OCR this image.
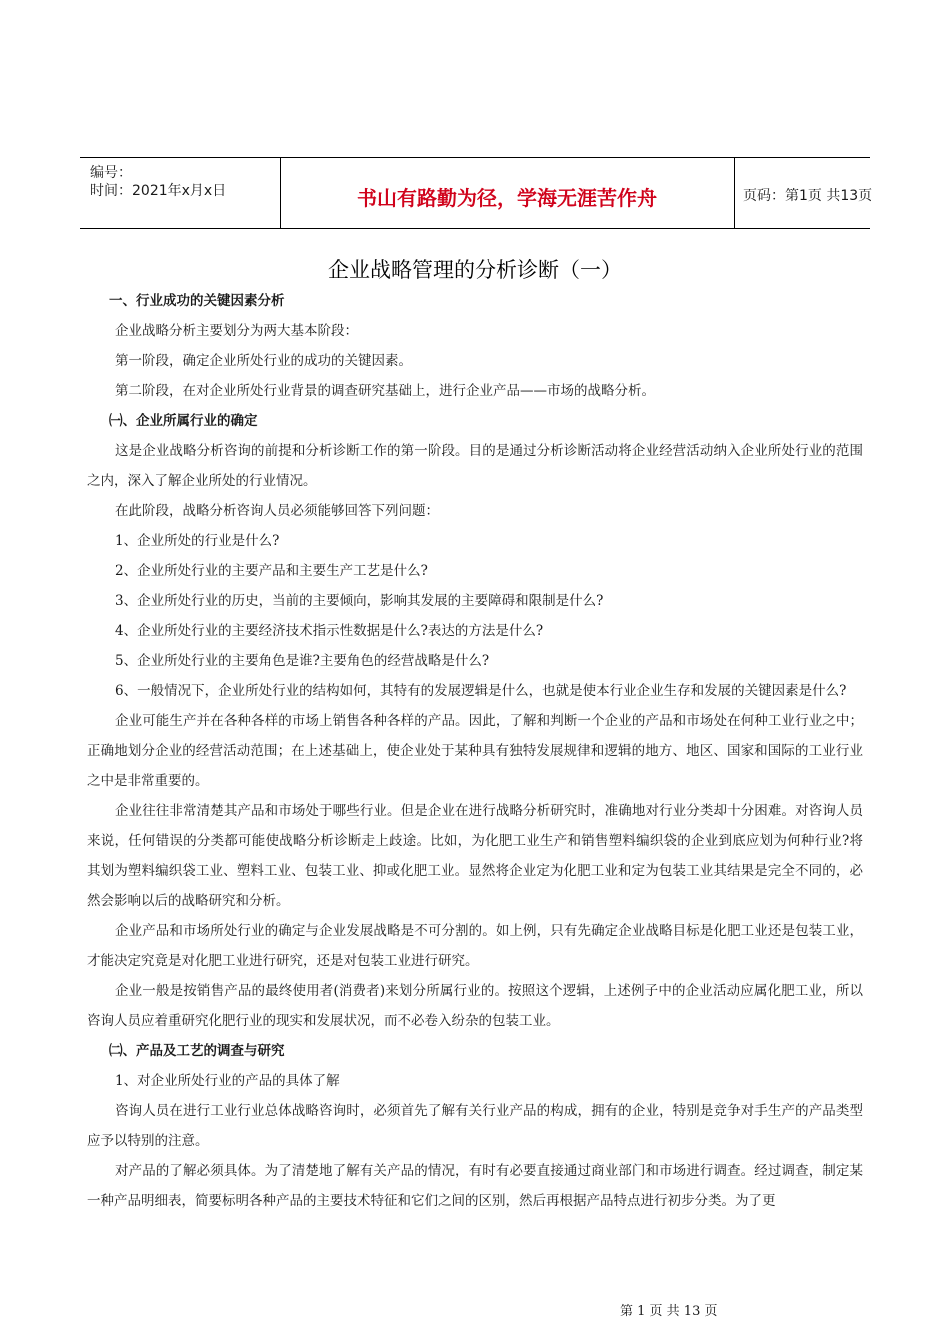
编号：
时间：2021年x月x日	书山有路勤为径，学海无涯苦作舟	页码：第1页 共13页
企业战略管理的分析诊断（一）

一、行业成功的关键因素分析

企业战略分析主要划分为两大基本阶段：

第一阶段，确定企业所处行业的成功的关键因素。

第二阶段，在对企业所处行业背景的调查研究基础上，进行企业产品——市场的战略分析。

㈠、企业所属行业的确定

这是企业战略分析咨询的前提和分析诊断工作的第一阶段。目的是通过分析诊断活动将企业经营活动纳入企业所处行业的范围之内，深入了解企业所处的行业情况。

在此阶段，战略分析咨询人员必须能够回答下列问题：

1、企业所处的行业是什么?

2、企业所处行业的主要产品和主要生产工艺是什么?

3、企业所处行业的历史，当前的主要倾向，影响其发展的主要障碍和限制是什么?

4、企业所处行业的主要经济技术指示性数据是什么?表达的方法是什么?

5、企业所处行业的主要角色是谁?主要角色的经营战略是什么?

6、一般情况下，企业所处行业的结构如何，其特有的发展逻辑是什么，也就是使本行业企业生存和发展的关键因素是什么?

企业可能生产并在各种各样的市场上销售各种各样的产品。因此，了解和判断一个企业的产品和市场处在何种工业行业之中；正确地划分企业的经营活动范围；在上述基础上，使企业处于某种具有独特发展规律和逻辑的地方、地区、国家和国际的工业行业之中是非常重要的。

企业往往非常清楚其产品和市场处于哪些行业。但是企业在进行战略分析研究时，准确地对行业分类却十分困难。对咨询人员来说，任何错误的分类都可能使战略分析诊断走上歧途。比如，为化肥工业生产和销售塑料编织袋的企业到底应划为何种行业?将其划为塑料编织袋工业、塑料工业、包装工业、抑或化肥工业。显然将企业定为化肥工业和定为包装工业其结果是完全不同的，必然会影响以后的战略研究和分析。

企业产品和市场所处行业的确定与企业发展战略是不可分割的。如上例，只有先确定企业战略目标是化肥工业还是包装工业，才能决定究竟是对化肥工业进行研究，还是对包装工业进行研究。

企业一般是按销售产品的最终使用者(消费者)来划分所属行业的。按照这个逻辑，上述例子中的企业活动应属化肥工业，所以咨询人员应着重研究化肥行业的现实和发展状况，而不必卷入纷杂的包装工业。

㈡、产品及工艺的调查与研究

1、对企业所处行业的产品的具体了解

咨询人员在进行工业行业总体战略咨询时，必须首先了解有关行业产品的构成，拥有的企业，特别是竞争对手生产的产品类型应予以特别的注意。

对产品的了解必须具体。为了清楚地了解有关产品的情况，有时有必要直接通过商业部门和市场进行调查。经过调查，制定某一种产品明细表，简要标明各种产品的主要技术特征和它们之间的区别，然后再根据产品特点进行初步分类。为了更

第 1 页 共 13 页
